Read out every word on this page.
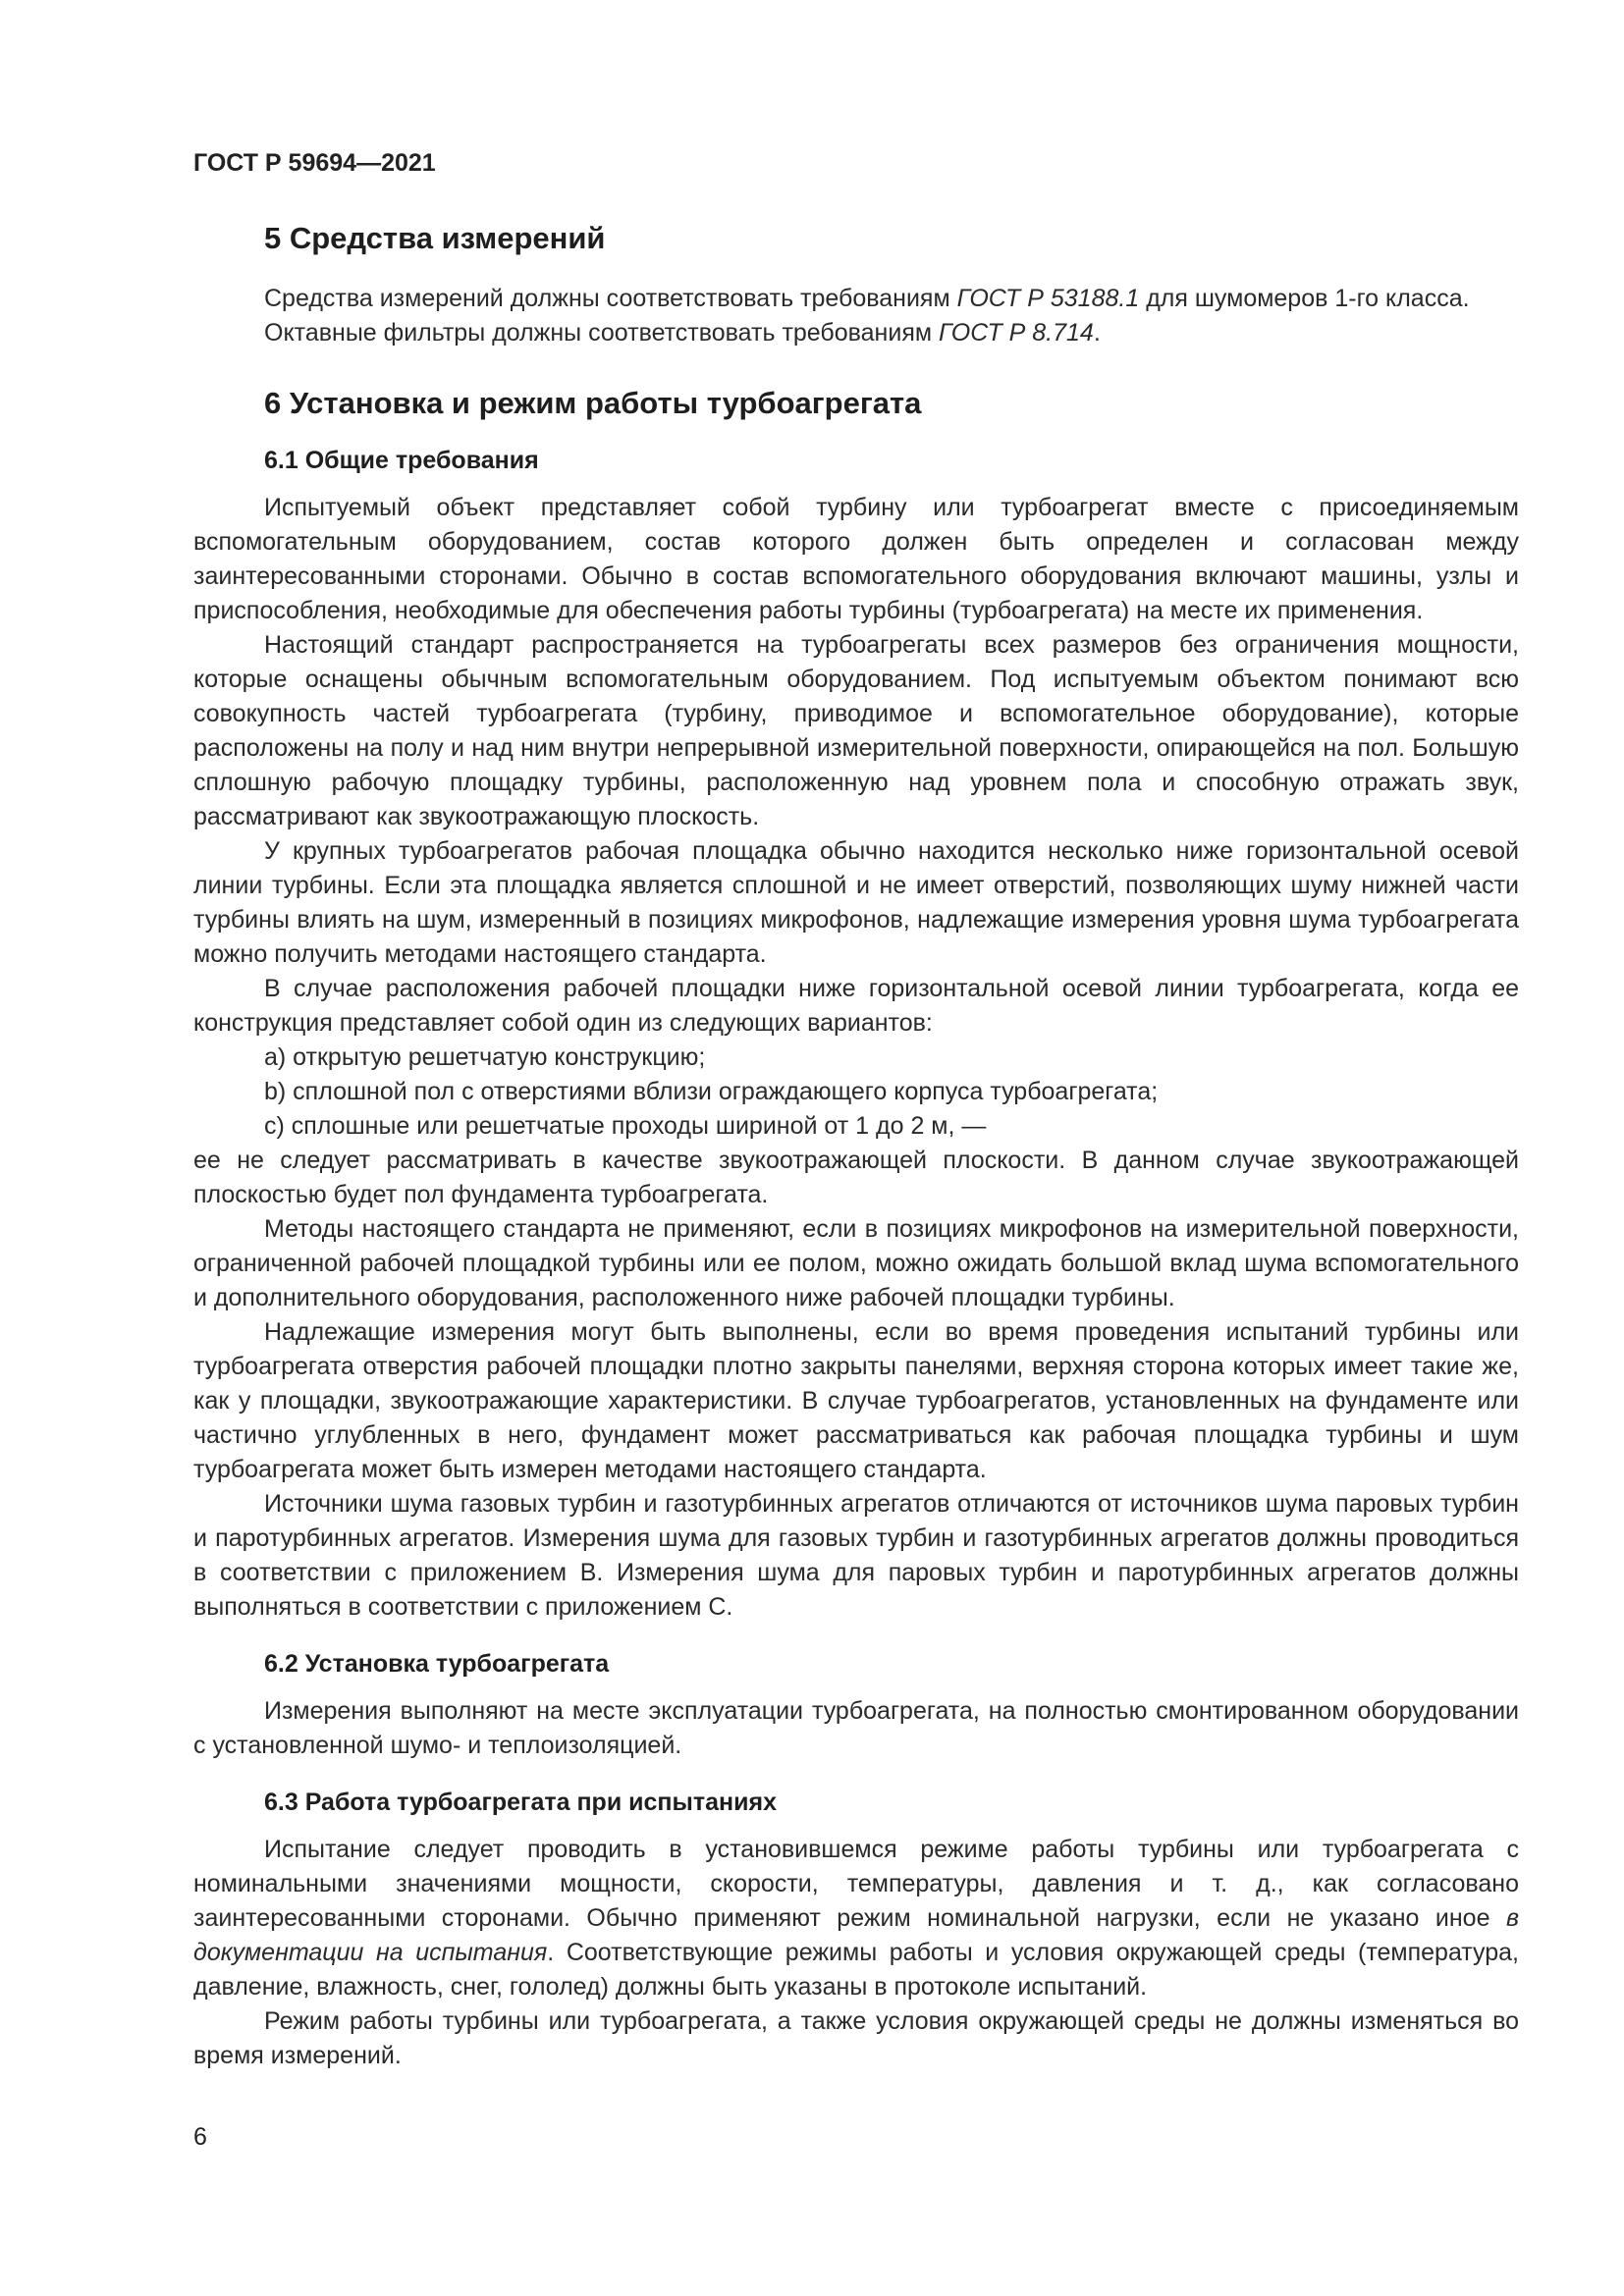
ГОСТ Р 59694—2021
5 Средства измерений

Средства измерений должны соответствовать требованиям ГОСТ Р 53188.1 для шумомеров 1-го класса.

Октавные фильтры должны соответствовать требованиям ГОСТ Р 8.714.

6 Установка и режим работы турбоагрегата
6.1 Общие требования

Испытуемый объект представляет собой турбину или турбоагрегат вместе с присоединяемым вспомогательным оборудованием, состав которого должен быть определен и согласован между заинтересованными сторонами. Обычно в состав вспомогательного оборудования включают машины, узлы и приспособления, необходимые для обеспечения работы турбины (турбоагрегата) на месте их применения.

Настоящий стандарт распространяется на турбоагрегаты всех размеров без ограничения мощности, которые оснащены обычным вспомогательным оборудованием. Под испытуемым объектом понимают всю совокупность частей турбоагрегата (турбину, приводимое и вспомогательное оборудование), которые расположены на полу и над ним внутри непрерывной измерительной поверхности, опирающейся на пол. Большую сплошную рабочую площадку турбины, расположенную над уровнем пола и способную отражать звук, рассматривают как звукоотражающую плоскость.

У крупных турбоагрегатов рабочая площадка обычно находится несколько ниже горизонтальной осевой линии турбины. Если эта площадка является сплошной и не имеет отверстий, позволяющих шуму нижней части турбины влиять на шум, измеренный в позициях микрофонов, надлежащие измерения уровня шума турбоагрегата можно получить методами настоящего стандарта.

В случае расположения рабочей площадки ниже горизонтальной осевой линии турбоагрегата, когда ее конструкция представляет собой один из следующих вариантов:

a) открытую решетчатую конструкцию;
b) сплошной пол с отверстиями вблизи ограждающего корпуса турбоагрегата;
c) сплошные или решетчатые проходы шириной от 1 до 2 м, —

ее не следует рассматривать в качестве звукоотражающей плоскости. В данном случае звукоотражающей плоскостью будет пол фундамента турбоагрегата.

Методы настоящего стандарта не применяют, если в позициях микрофонов на измерительной поверхности, ограниченной рабочей площадкой турбины или ее полом, можно ожидать большой вклад шума вспомогательного и дополнительного оборудования, расположенного ниже рабочей площадки турбины.

Надлежащие измерения могут быть выполнены, если во время проведения испытаний турбины или турбоагрегата отверстия рабочей площадки плотно закрыты панелями, верхняя сторона которых имеет такие же, как у площадки, звукоотражающие характеристики. В случае турбоагрегатов, установленных на фундаменте или частично углубленных в него, фундамент может рассматриваться как рабочая площадка турбины и шум турбоагрегата может быть измерен методами настоящего стандарта.

Источники шума газовых турбин и газотурбинных агрегатов отличаются от источников шума паровых турбин и паротурбинных агрегатов. Измерения шума для газовых турбин и газотурбинных агрегатов должны проводиться в соответствии с приложением В. Измерения шума для паровых турбин и паротурбинных агрегатов должны выполняться в соответствии с приложением С.

6.2 Установка турбоагрегата

Измерения выполняют на месте эксплуатации турбоагрегата, на полностью смонтированном оборудовании с установленной шумо- и теплоизоляцией.

6.3 Работа турбоагрегата при испытаниях

Испытание следует проводить в установившемся режиме работы турбины или турбоагрегата с номинальными значениями мощности, скорости, температуры, давления и т. д., как согласовано заинтересованными сторонами. Обычно применяют режим номинальной нагрузки, если не указано иное в документации на испытания. Соответствующие режимы работы и условия окружающей среды (температура, давление, влажность, снег, гололед) должны быть указаны в протоколе испытаний.

Режим работы турбины или турбоагрегата, а также условия окружающей среды не должны изменяться во время измерений.

6
